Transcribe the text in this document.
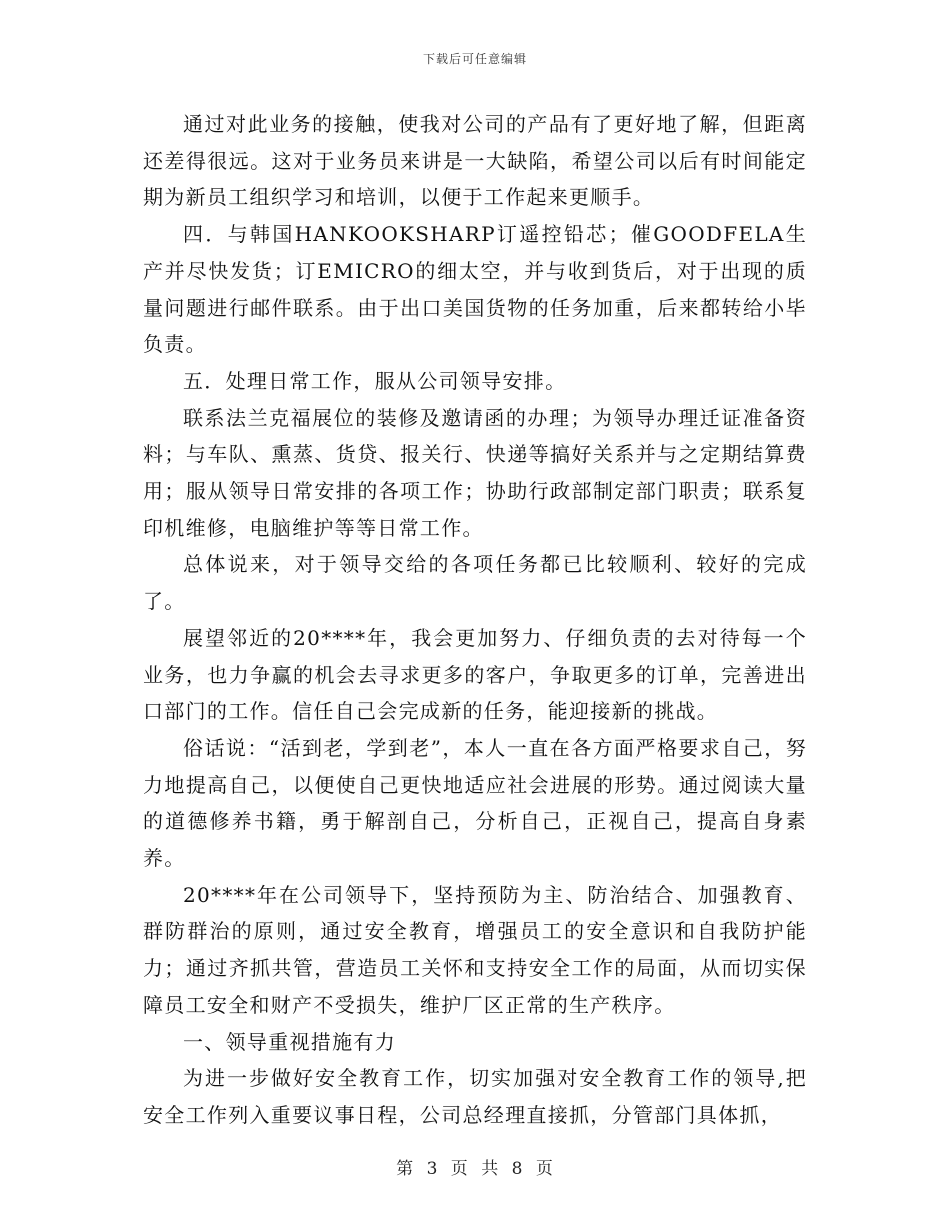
下载后可任意编辑

通过对此业务的接触，使我对公司的产品有了更好地了解，但距离还差得很远。这对于业务员来讲是一大缺陷，希望公司以后有时间能定期为新员工组织学习和培训，以便于工作起来更顺手。

四．与韩国HANKOOKSHARP订遥控铅芯；催GOODFELA生产并尽快发货；订EMICRO的细太空，并与收到货后，对于出现的质量问题进行邮件联系。由于出口美国货物的任务加重，后来都转给小毕负责。

五．处理日常工作，服从公司领导安排。

联系法兰克福展位的装修及邀请函的办理；为领导办理迁证准备资料；与车队、熏蒸、货贷、报关行、快递等搞好关系并与之定期结算费用；服从领导日常安排的各项工作；协助行政部制定部门职责；联系复印机维修，电脑维护等等日常工作。

总体说来，对于领导交给的各项任务都已比较顺利、较好的完成了。

展望邻近的20****年，我会更加努力、仔细负责的去对待每一个业务，也力争赢的机会去寻求更多的客户，争取更多的订单，完善进出口部门的工作。信任自己会完成新的任务，能迎接新的挑战。

俗话说：“活到老，学到老”，本人一直在各方面严格要求自己，努力地提高自己，以便使自己更快地适应社会进展的形势。通过阅读大量的道德修养书籍，勇于解剖自己，分析自己，正视自己，提高自身素养。

20****年在公司领导下，坚持预防为主、防治结合、加强教育、群防群治的原则，通过安全教育，增强员工的安全意识和自我防护能力；通过齐抓共管，营造员工关怀和支持安全工作的局面，从而切实保障员工安全和财产不受损失，维护厂区正常的生产秩序。

一、领导重视措施有力

为进一步做好安全教育工作，切实加强对安全教育工作的领导,把安全工作列入重要议事日程，公司总经理直接抓，分管部门具体抓，

第 3 页 共 8 页
